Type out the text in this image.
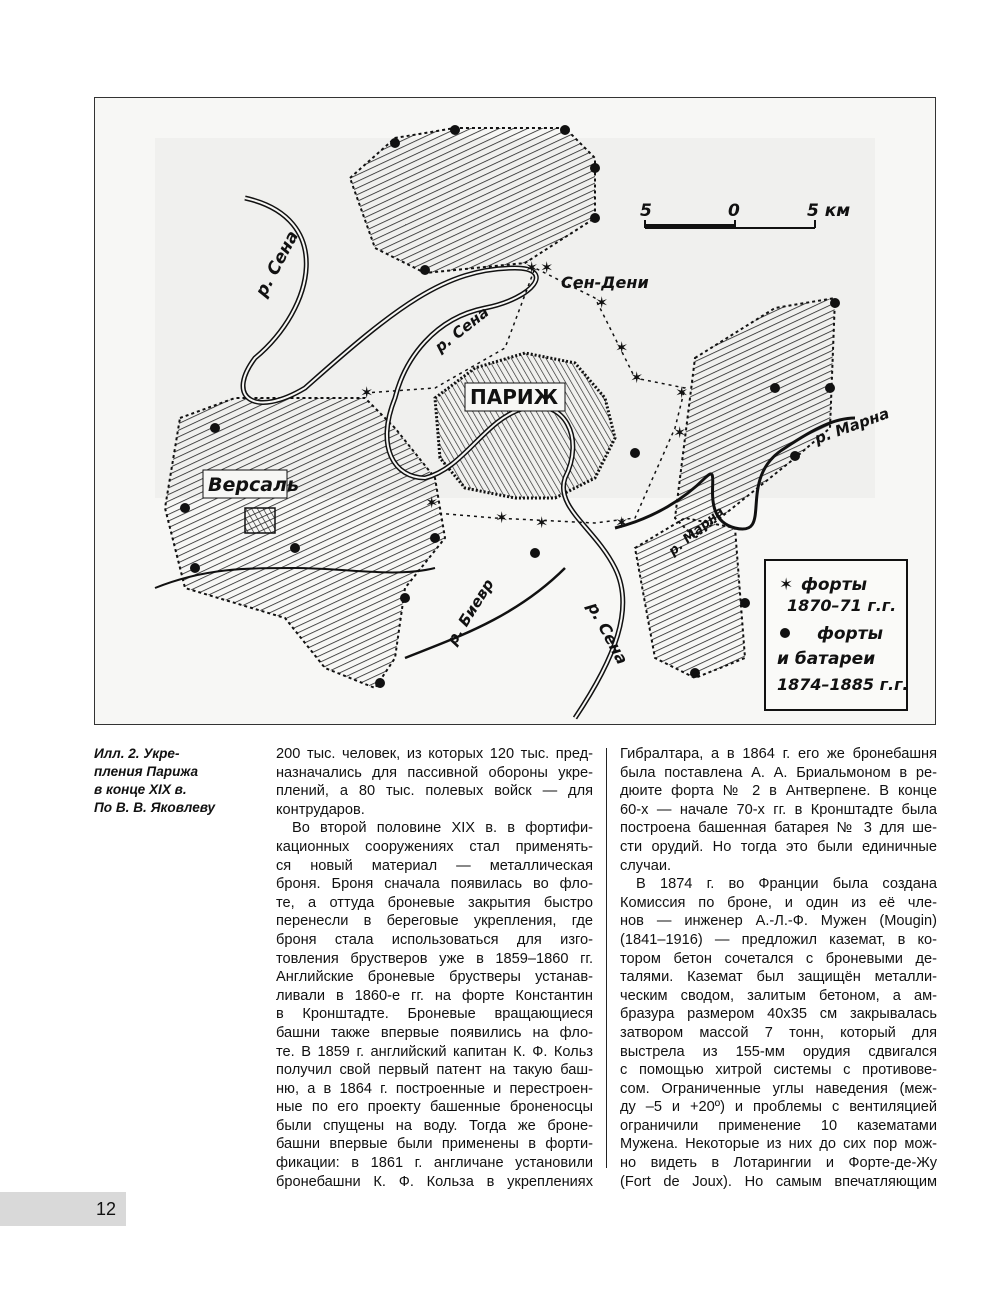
✶
✶ ✶
✶
✶
✶
✶
✶
✶
✶
✶
✶
5	0	5 км
р. Сена
р. Сена
р. Сена
Сен-Дени
ПАРИЖ
Версаль
р. Марна
р. Марна
р. Биевр	✶ форты
1870–71 г.г.
форты
и батареи
1874–1885 г.г.
Илл. 2. Укре-
пления Парижа
в конце XIX в.
По В. В. Яковлеву
200 тыс. человек, из которых 120 тыс. пред-
назначались для пассивной обороны укре-
плений, а 80 тыс. полевых войск — для
контрударов.
Во второй половине XIX в. в фортифи-
кационных сооружениях стал применять-
ся новый материал — металлическая
броня. Броня сначала появилась во фло-
те, а оттуда броневые закрытия быстро
перенесли в береговые укрепления, где
броня стала использоваться для изго-
товления брустверов уже в 1859–1860 гг.
Английские броневые брустверы устанав-
ливали в 1860-е гг. на форте Константин
в Кронштадте. Броневые вращающиеся
башни также впервые появились на фло-
те. В 1859 г. английский капитан К. Ф. Кольз
получил свой первый патент на такую баш-
ню, а в 1864 г. построенные и перестроен-
ные по его проекту башенные броненосцы
были спущены на воду. Тогда же броне-
башни впервые были применены в форти-
фикации: в 1861 г. англичане установили
бронебашни К. Ф. Кольза в укреплениях
Гибралтара, а в 1864 г. его же бронебашня
была поставлена А. А. Бриальмоном в ре-
дюите форта № 2 в Антверпене. В конце
60-х — начале 70-х гг. в Кронштадте была
построена башенная батарея № 3 для ше-
сти орудий. Но тогда это были единичные
случаи.
В 1874 г. во Франции была создана
Комиссия по броне, и один из её чле-
нов — инженер А.-Л.-Ф. Мужен (Mougin)
(1841–1916) — предложил каземат, в ко-
тором бетон сочетался с броневыми де-
талями. Каземат был защищён металли-
ческим сводом, залитым бетоном, а ам-
бразура размером 40х35 см закрывалась
затвором массой 7 тонн, который для
выстрела из 155-мм орудия сдвигался
с помощью хитрой системы с противове-
сом. Ограниченные углы наведения (меж-
ду –5 и +20º) и проблемы с вентиляцией
ограничили применение 10 казематами
Мужена. Некоторые из них до сих пор мож-
но видеть в Лотарингии и Форте-де-Жу
(Fort de Joux). Но самым впечатляющим
12
